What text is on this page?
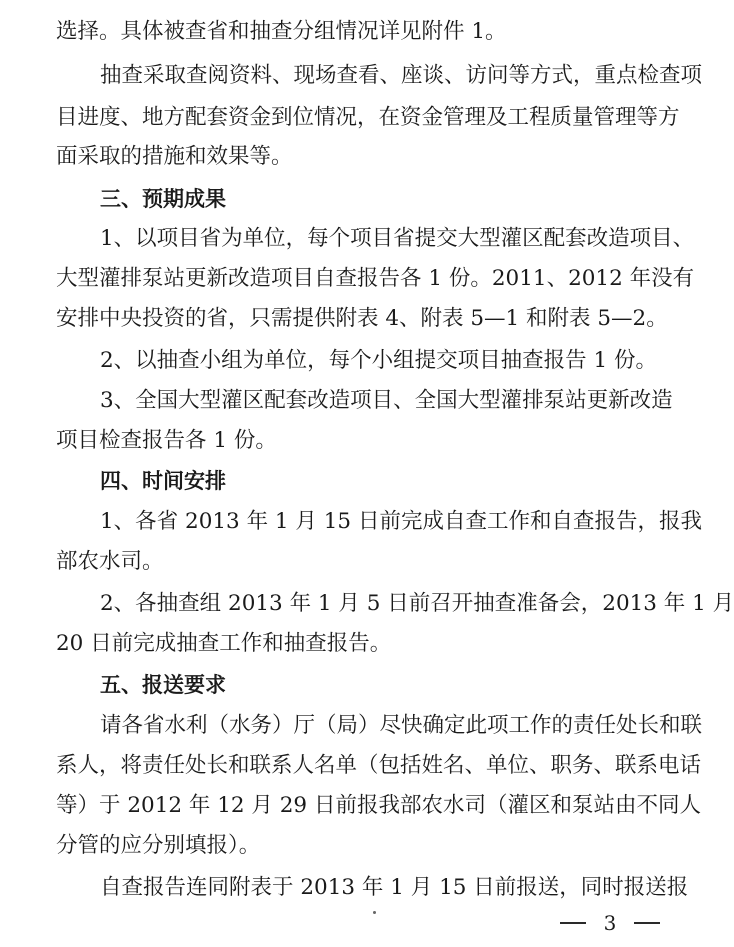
选择。具体被查省和抽查分组情况详见附件 1。
抽查采取查阅资料、现场查看、座谈、访问等方式，重点检查项
目进度、地方配套资金到位情况，在资金管理及工程质量管理等方
面采取的措施和效果等。
三、预期成果
1、以项目省为单位，每个项目省提交大型灌区配套改造项目、
大型灌排泵站更新改造项目自查报告各 1 份。2011、2012 年没有
安排中央投资的省，只需提供附表 4、附表 5—1 和附表 5—2。
2、以抽查小组为单位，每个小组提交项目抽查报告 1 份。
3、全国大型灌区配套改造项目、全国大型灌排泵站更新改造
项目检查报告各 1 份。
四、时间安排
1、各省 2013 年 1 月 15 日前完成自查工作和自查报告，报我
部农水司。
2、各抽查组 2013 年 1 月 5 日前召开抽查准备会，2013 年 1 月
20 日前完成抽查工作和抽查报告。
五、报送要求
请各省水利（水务）厅（局）尽快确定此项工作的责任处长和联
系人，将责任处长和联系人名单（包括姓名、单位、职务、联系电话
等）于 2012 年 12 月 29 日前报我部农水司（灌区和泵站由不同人
分管的应分别填报）。
自查报告连同附表于 2013 年 1 月 15 日前报送，同时报送报
3
